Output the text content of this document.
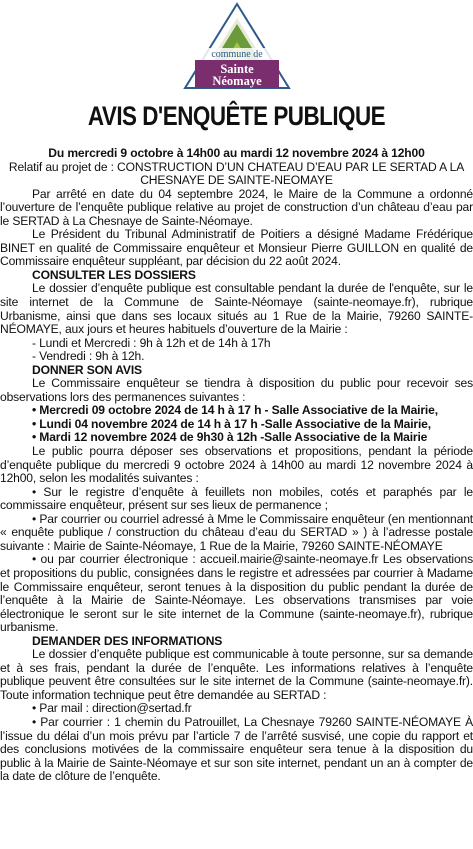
commune de
Sainte
Néomaye
AVIS D'ENQUÊTE PUBLIQUE

Du mercredi 9 octobre à 14h00 au mardi 12 novembre 2024 à 12h00

Relatif au projet de : CONSTRUCTION D’UN CHATEAU D’EAU PAR LE SERTAD A LA CHESNAYE DE SAINTE-NEOMAYE

Par arrêté en date du 04 septembre 2024, le Maire de la Commune a ordonné l’ouverture de l’enquête publique relative au projet de construction d’un château d’eau par le SERTAD à La Chesnaye de Sainte-Néomaye.

Le Président du Tribunal Administratif de Poitiers a désigné Madame Frédérique BINET en qualité de Commissaire enquêteur et Monsieur Pierre GUILLON en qualité de Commissaire enquêteur suppléant, par décision du 22 août 2024.

CONSULTER LES DOSSIERS

Le dossier d’enquête publique est consultable pendant la durée de l'enquête, sur le site internet de la Commune de Sainte-Néomaye (sainte-neomaye.fr), rubrique Urbanisme, ainsi que dans ses locaux situés au 1 Rue de la Mairie, 79260 SAINTE-NÉOMAYE, aux jours et heures habituels d’ouverture de la Mairie :

- Lundi et Mercredi : 9h à 12h et de 14h à 17h

- Vendredi : 9h à 12h.

DONNER SON AVIS

Le Commissaire enquêteur se tiendra à disposition du public pour recevoir ses observations lors des permanences suivantes :

• Mercredi 09 octobre 2024 de 14 h à 17 h - Salle Associative de la Mairie,

• Lundi 04 novembre 2024 de 14 h à 17 h -Salle Associative de la Mairie,

• Mardi 12 novembre 2024 de 9h30 à 12h -Salle Associative de la Mairie

Le public pourra déposer ses observations et propositions, pendant la période d’enquête publique du mercredi 9 octobre 2024 à 14h00 au mardi 12 novembre 2024 à 12h00, selon les modalités suivantes :

• Sur le registre d’enquête à feuillets non mobiles, cotés et paraphés par le commissaire enquêteur, présent sur ses lieux de permanence ;

• Par courrier ou courriel adressé à Mme le Commissaire enquêteur (en mentionnant « enquête publique / construction du château d’eau du SERTAD » ) à l’adresse postale suivante : Mairie de Sainte-Néomaye, 1 Rue de la Mairie, 79260 SAINTE-NÉOMAYE

• ou par courrier électronique : accueil.mairie@sainte-neomaye.fr Les observations et propositions du public, consignées dans le registre et adressées par courrier à Madame le Commissaire enquêteur, seront tenues à la disposition du public pendant la durée de l’enquête à la Mairie de Sainte-Néomaye. Les observations transmises par voie électronique le seront sur le site internet de la Commune (sainte-neomaye.fr), rubrique urbanisme.

DEMANDER DES INFORMATIONS

Le dossier d’enquête publique est communicable à toute personne, sur sa demande et à ses frais, pendant la durée de l’enquête. Les informations relatives à l’enquête publique peuvent être consultées sur le site internet de la Commune (sainte-neomaye.fr). Toute information technique peut être demandée au SERTAD :

• Par mail : direction@sertad.fr

• Par courrier : 1 chemin du Patrouillet, La Chesnaye 79260 SAINTE-NÉOMAYE À l’issue du délai d’un mois prévu par l’article 7 de l’arrêté susvisé, une copie du rapport et des conclusions motivées de la commissaire enquêteur sera tenue à la disposition du public à la Mairie de Sainte-Néomaye et sur son site internet, pendant un an à compter de la date de clôture de l’enquête.
